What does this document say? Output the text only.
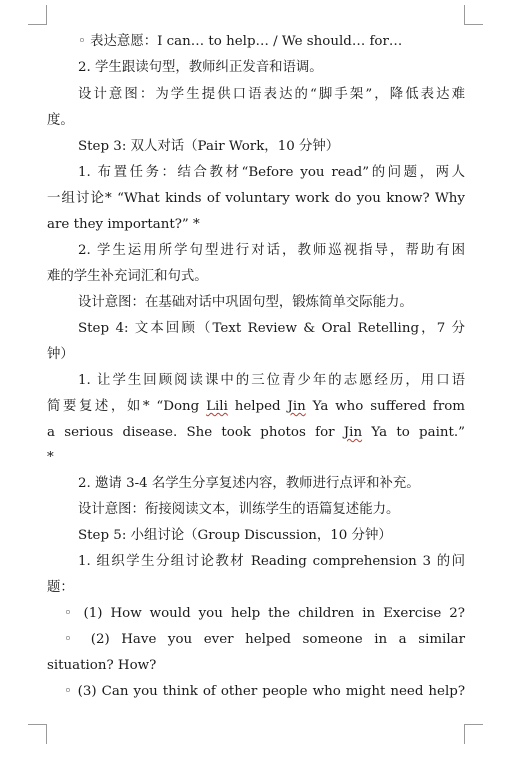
◦ 表达意愿：I can… to help… / We should… for…
2. 学生跟读句型，教师纠正发音和语调。
设计意图：为学生提供口语表达的“脚手架”，降低表达难
度。
Step 3: 双人对话（Pair Work，10 分钟）
1. 布置任务：结合教材“Before you read”的问题，两人
一组讨论* “What kinds of voluntary work do you know? Why
are they important?” *
2. 学生运用所学句型进行对话，教师巡视指导，帮助有困
难的学生补充词汇和句式。
设计意图：在基础对话中巩固句型，锻炼简单交际能力。
Step 4: 文本回顾（Text Review & Oral Retelling，7 分
钟）
1. 让学生回顾阅读课中的三位青少年的志愿经历，用口语
简要复述，如* “Dong Lili helped Jin Ya who suffered from
a serious disease. She took photos for Jin Ya to paint.”
*
2. 邀请 3-4 名学生分享复述内容，教师进行点评和补充。
设计意图：衔接阅读文本，训练学生的语篇复述能力。
Step 5: 小组讨论（Group Discussion，10 分钟）
1. 组织学生分组讨论教材 Reading comprehension 3 的问
题：
◦ (1) How would you help the children in Exercise 2?
◦ (2) Have you ever helped someone in a similar
situation? How?
◦ (3) Can you think of other people who might need help?
